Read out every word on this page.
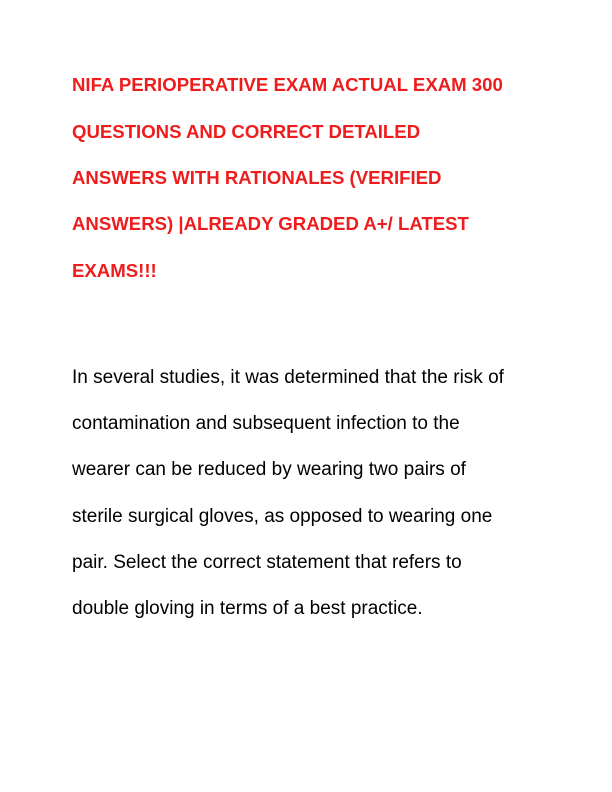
NIFA PERIOPERATIVE EXAM ACTUAL EXAM 300

QUESTIONS AND CORRECT DETAILED

ANSWERS WITH RATIONALES (VERIFIED

ANSWERS) |ALREADY GRADED A+/ LATEST

EXAMS!!!

In several studies, it was determined that the risk of

contamination and subsequent infection to the

wearer can be reduced by wearing two pairs of

sterile surgical gloves, as opposed to wearing one

pair. Select the correct statement that refers to

double gloving in terms of a best practice.
